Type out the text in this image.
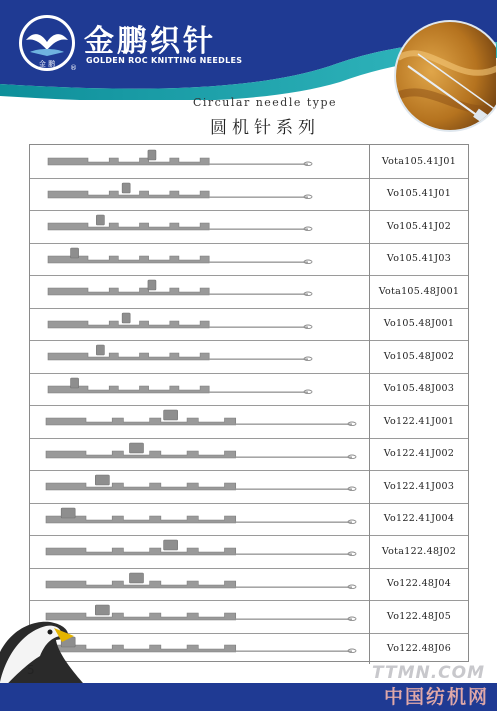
金 鹏 ®
金鹏织针
GOLDEN ROC KNITTING NEEDLES
Circular needle type
圆机针系列
Vota105.41J01
Vo105.41J01
Vo105.41J02
Vo105.41J03
Vota105.48J001
Vo105.48J001
Vo105.48J002
Vo105.48J003
Vo122.41J001
Vo122.41J002
Vo122.41J003
Vo122.41J004
Vota122.48J02
Vo122.48J04
Vo122.48J05
Vo122.48J06
5	TTMN.COM
中国纺机网
